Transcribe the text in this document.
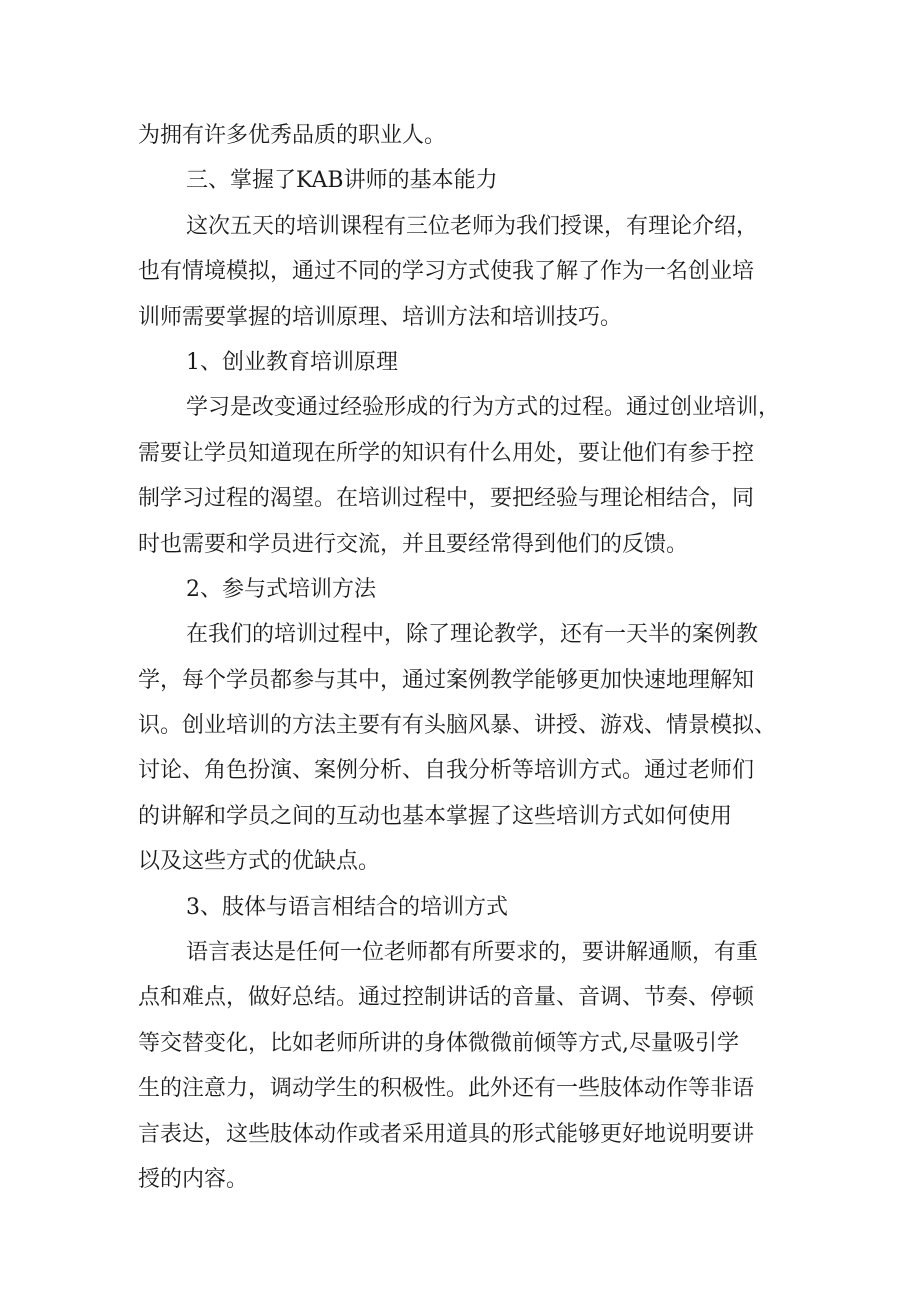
为拥有许多优秀品质的职业人。
三、掌握了KAB讲师的基本能力
这次五天的培训课程有三位老师为我们授课，有理论介绍，
也有情境模拟，通过不同的学习方式使我了解了作为一名创业培
训师需要掌握的培训原理、培训方法和培训技巧。
1、创业教育培训原理
学习是改变通过经验形成的行为方式的过程。通过创业培训，
需要让学员知道现在所学的知识有什么用处，要让他们有参于控
制学习过程的渴望。在培训过程中，要把经验与理论相结合，同
时也需要和学员进行交流，并且要经常得到他们的反馈。
2、参与式培训方法
在我们的培训过程中，除了理论教学，还有一天半的案例教
学，每个学员都参与其中，通过案例教学能够更加快速地理解知
识。创业培训的方法主要有有头脑风暴、讲授、游戏、情景模拟、
讨论、角色扮演、案例分析、自我分析等培训方式。通过老师们
的讲解和学员之间的互动也基本掌握了这些培训方式如何使用
以及这些方式的优缺点。
3、肢体与语言相结合的培训方式
语言表达是任何一位老师都有所要求的，要讲解通顺，有重
点和难点，做好总结。通过控制讲话的音量、音调、节奏、停顿
等交替变化，比如老师所讲的身体微微前倾等方式,尽量吸引学
生的注意力，调动学生的积极性。此外还有一些肢体动作等非语
言表达，这些肢体动作或者采用道具的形式能够更好地说明要讲
授的内容。
